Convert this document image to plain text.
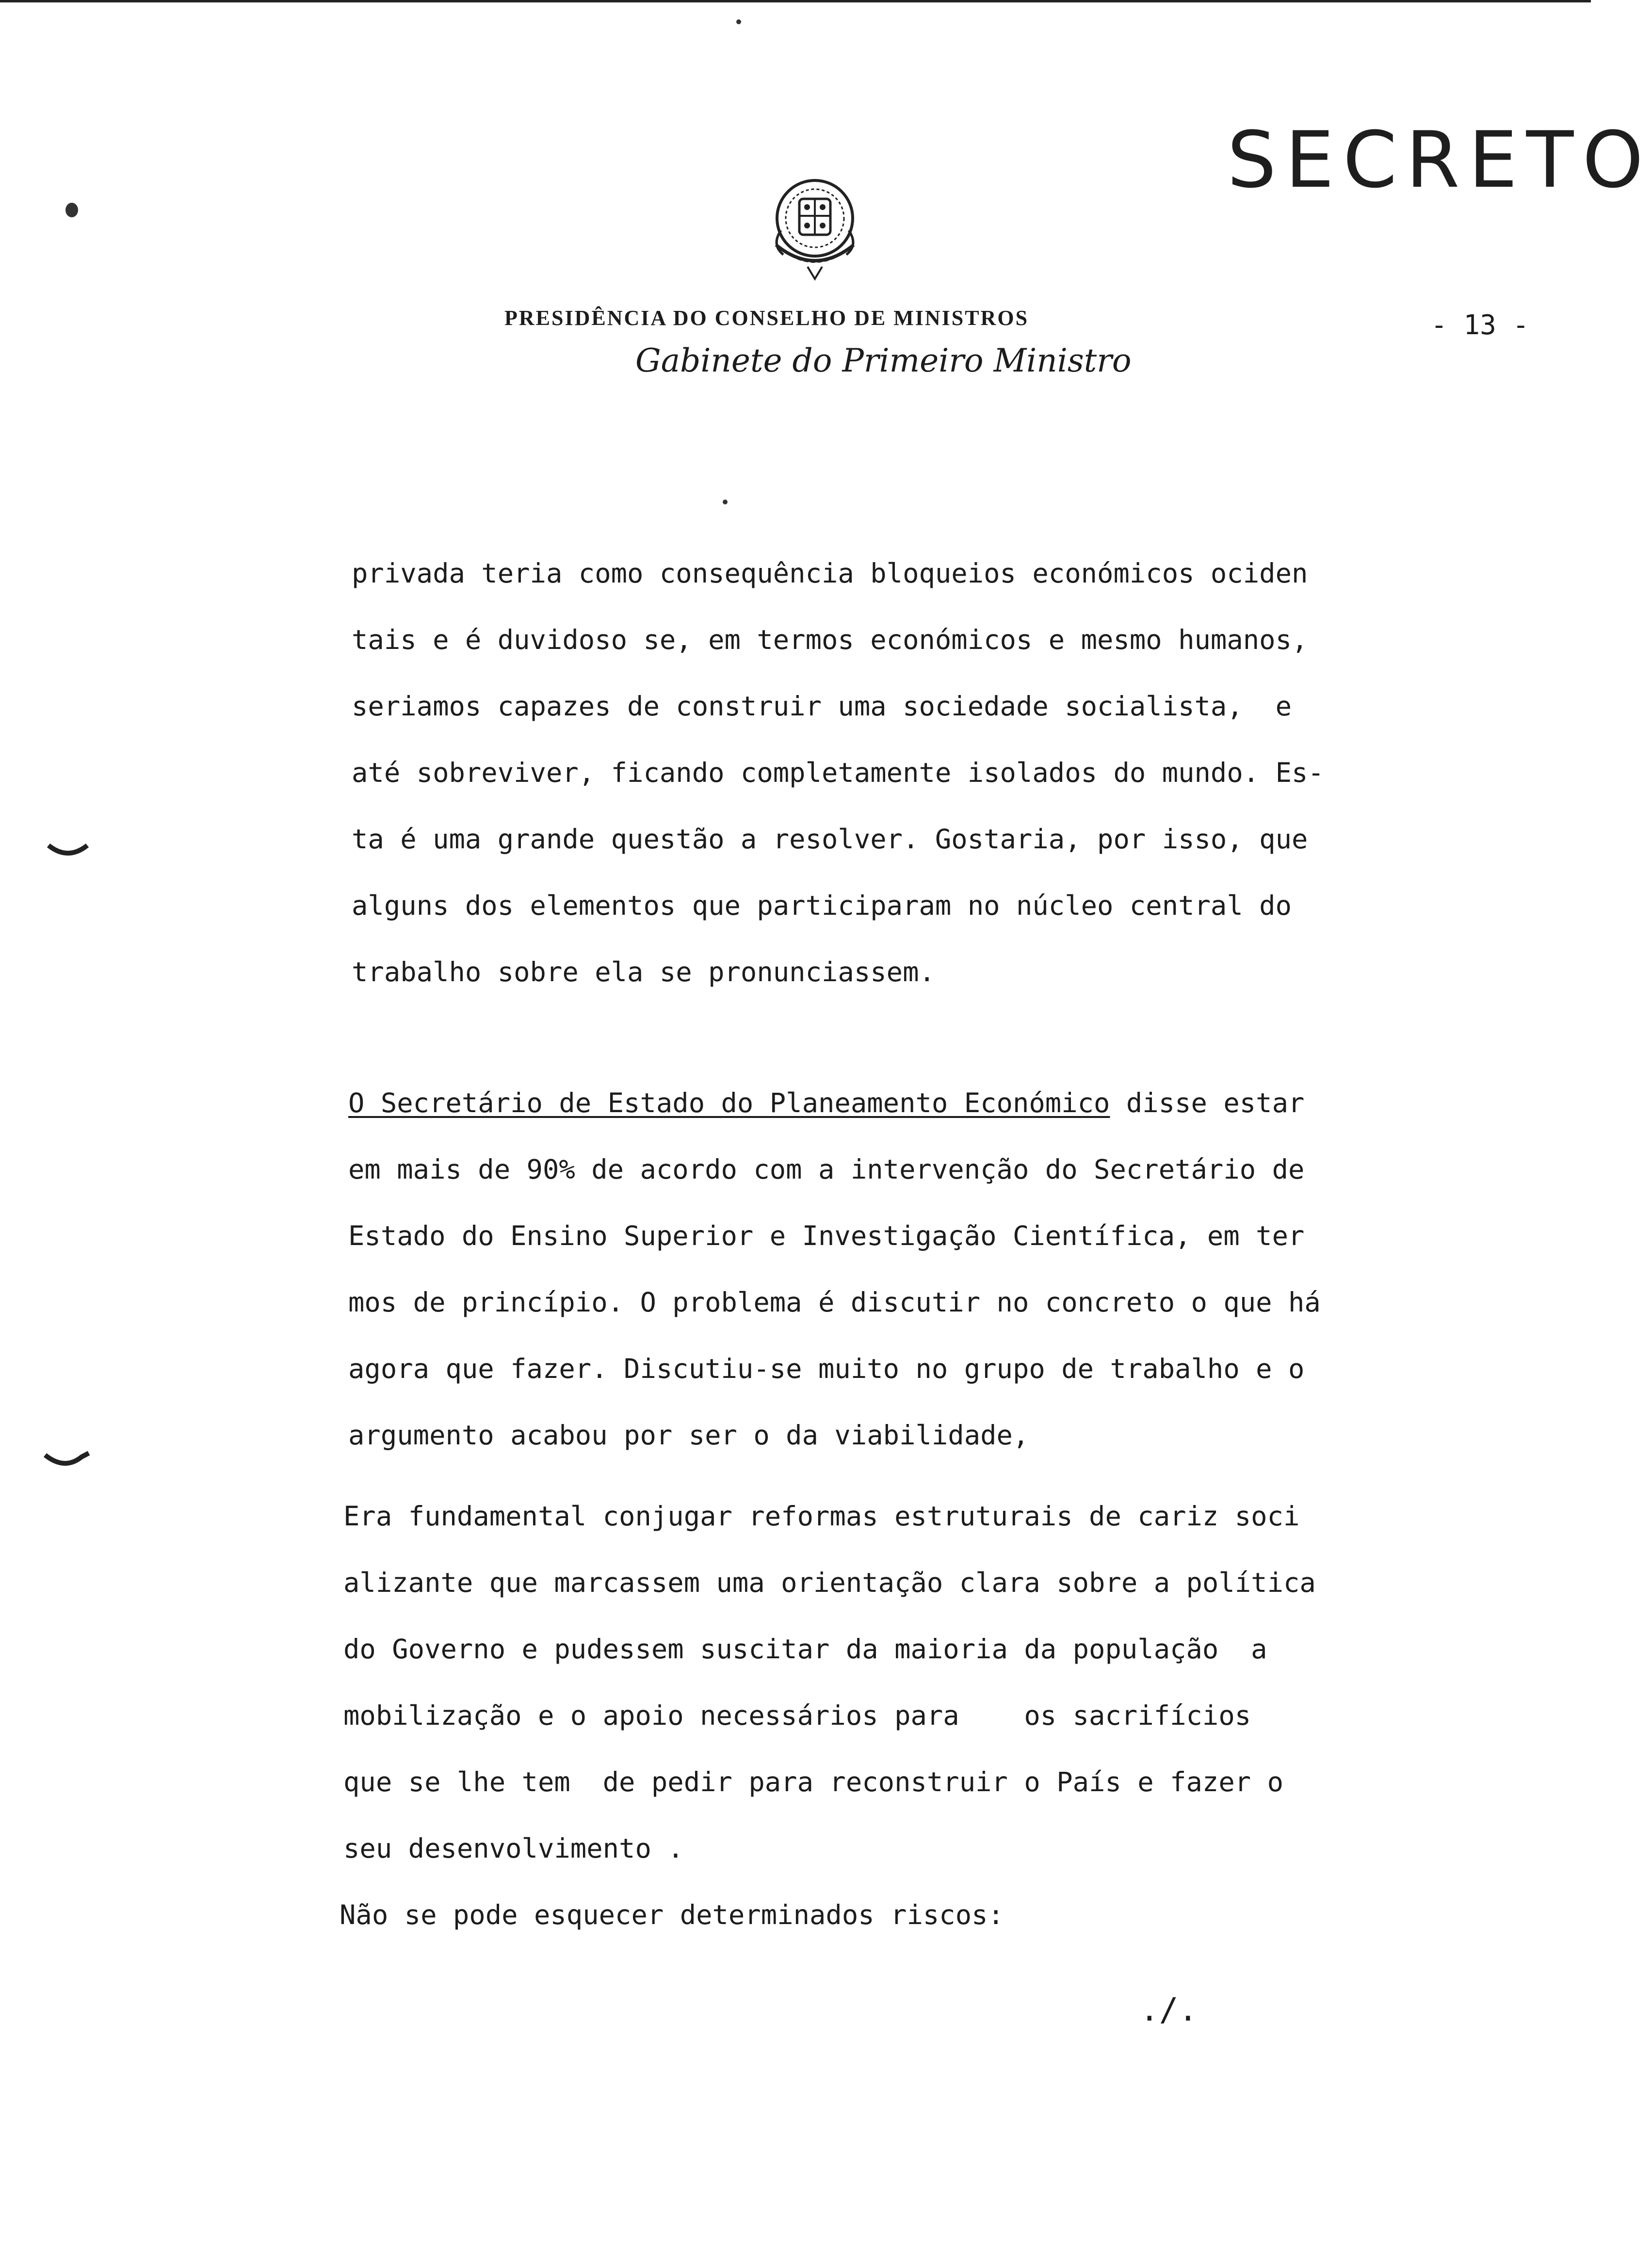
SECRETO
PRESIDÊNCIA DO CONSELHO DE MINISTROS
Gabinete do Primeiro Ministro
- 13 -
privada teria como consequência bloqueios económicos ociden
tais e é duvidoso se, em termos económicos e mesmo humanos,
seriamos capazes de construir uma sociedade socialista,  e
até sobreviver, ficando completamente isolados do mundo. Es-
ta é uma grande questão a resolver. Gostaria, por isso, que
alguns dos elementos que participaram no núcleo central do
trabalho sobre ela se pronunciassem.
O Secretário de Estado do Planeamento Económico disse estar
em mais de 90% de acordo com a intervenção do Secretário de
Estado do Ensino Superior e Investigação Científica, em ter
mos de princípio. O problema é discutir no concreto o que há
agora que fazer. Discutiu-se muito no grupo de trabalho e o
argumento acabou por ser o da viabilidade,
Era fundamental conjugar reformas estruturais de cariz soci
alizante que marcassem uma orientação clara sobre a política
do Governo e pudessem suscitar da maioria da população  a
mobilização e o apoio necessários para    os sacrifícios
que se lhe tem  de pedir para reconstruir o País e fazer o
seu desenvolvimento .
Não se pode esquecer determinados riscos:
./.
